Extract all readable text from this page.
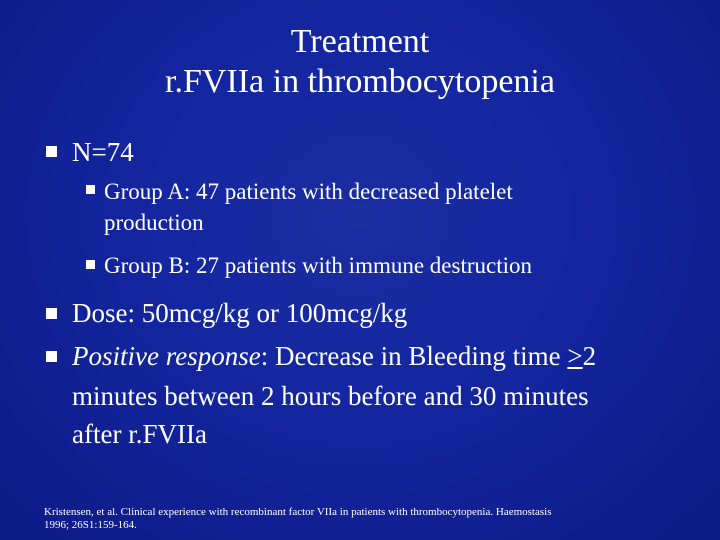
Treatment
r.FVIIa in thrombocytopenia
N=74
Group A: 47 patients with decreased platelet
production
Group B: 27 patients with immune destruction
Dose: 50mcg/kg or 100mcg/kg
Positive response: Decrease in Bleeding time ≥2
minutes between 2 hours before and 30 minutes
after r.FVIIa
Kristensen, et al. Clinical experience with recombinant factor VIIa in patients with thrombocytopenia. Haemostasis
1996; 26S1:159-164.
